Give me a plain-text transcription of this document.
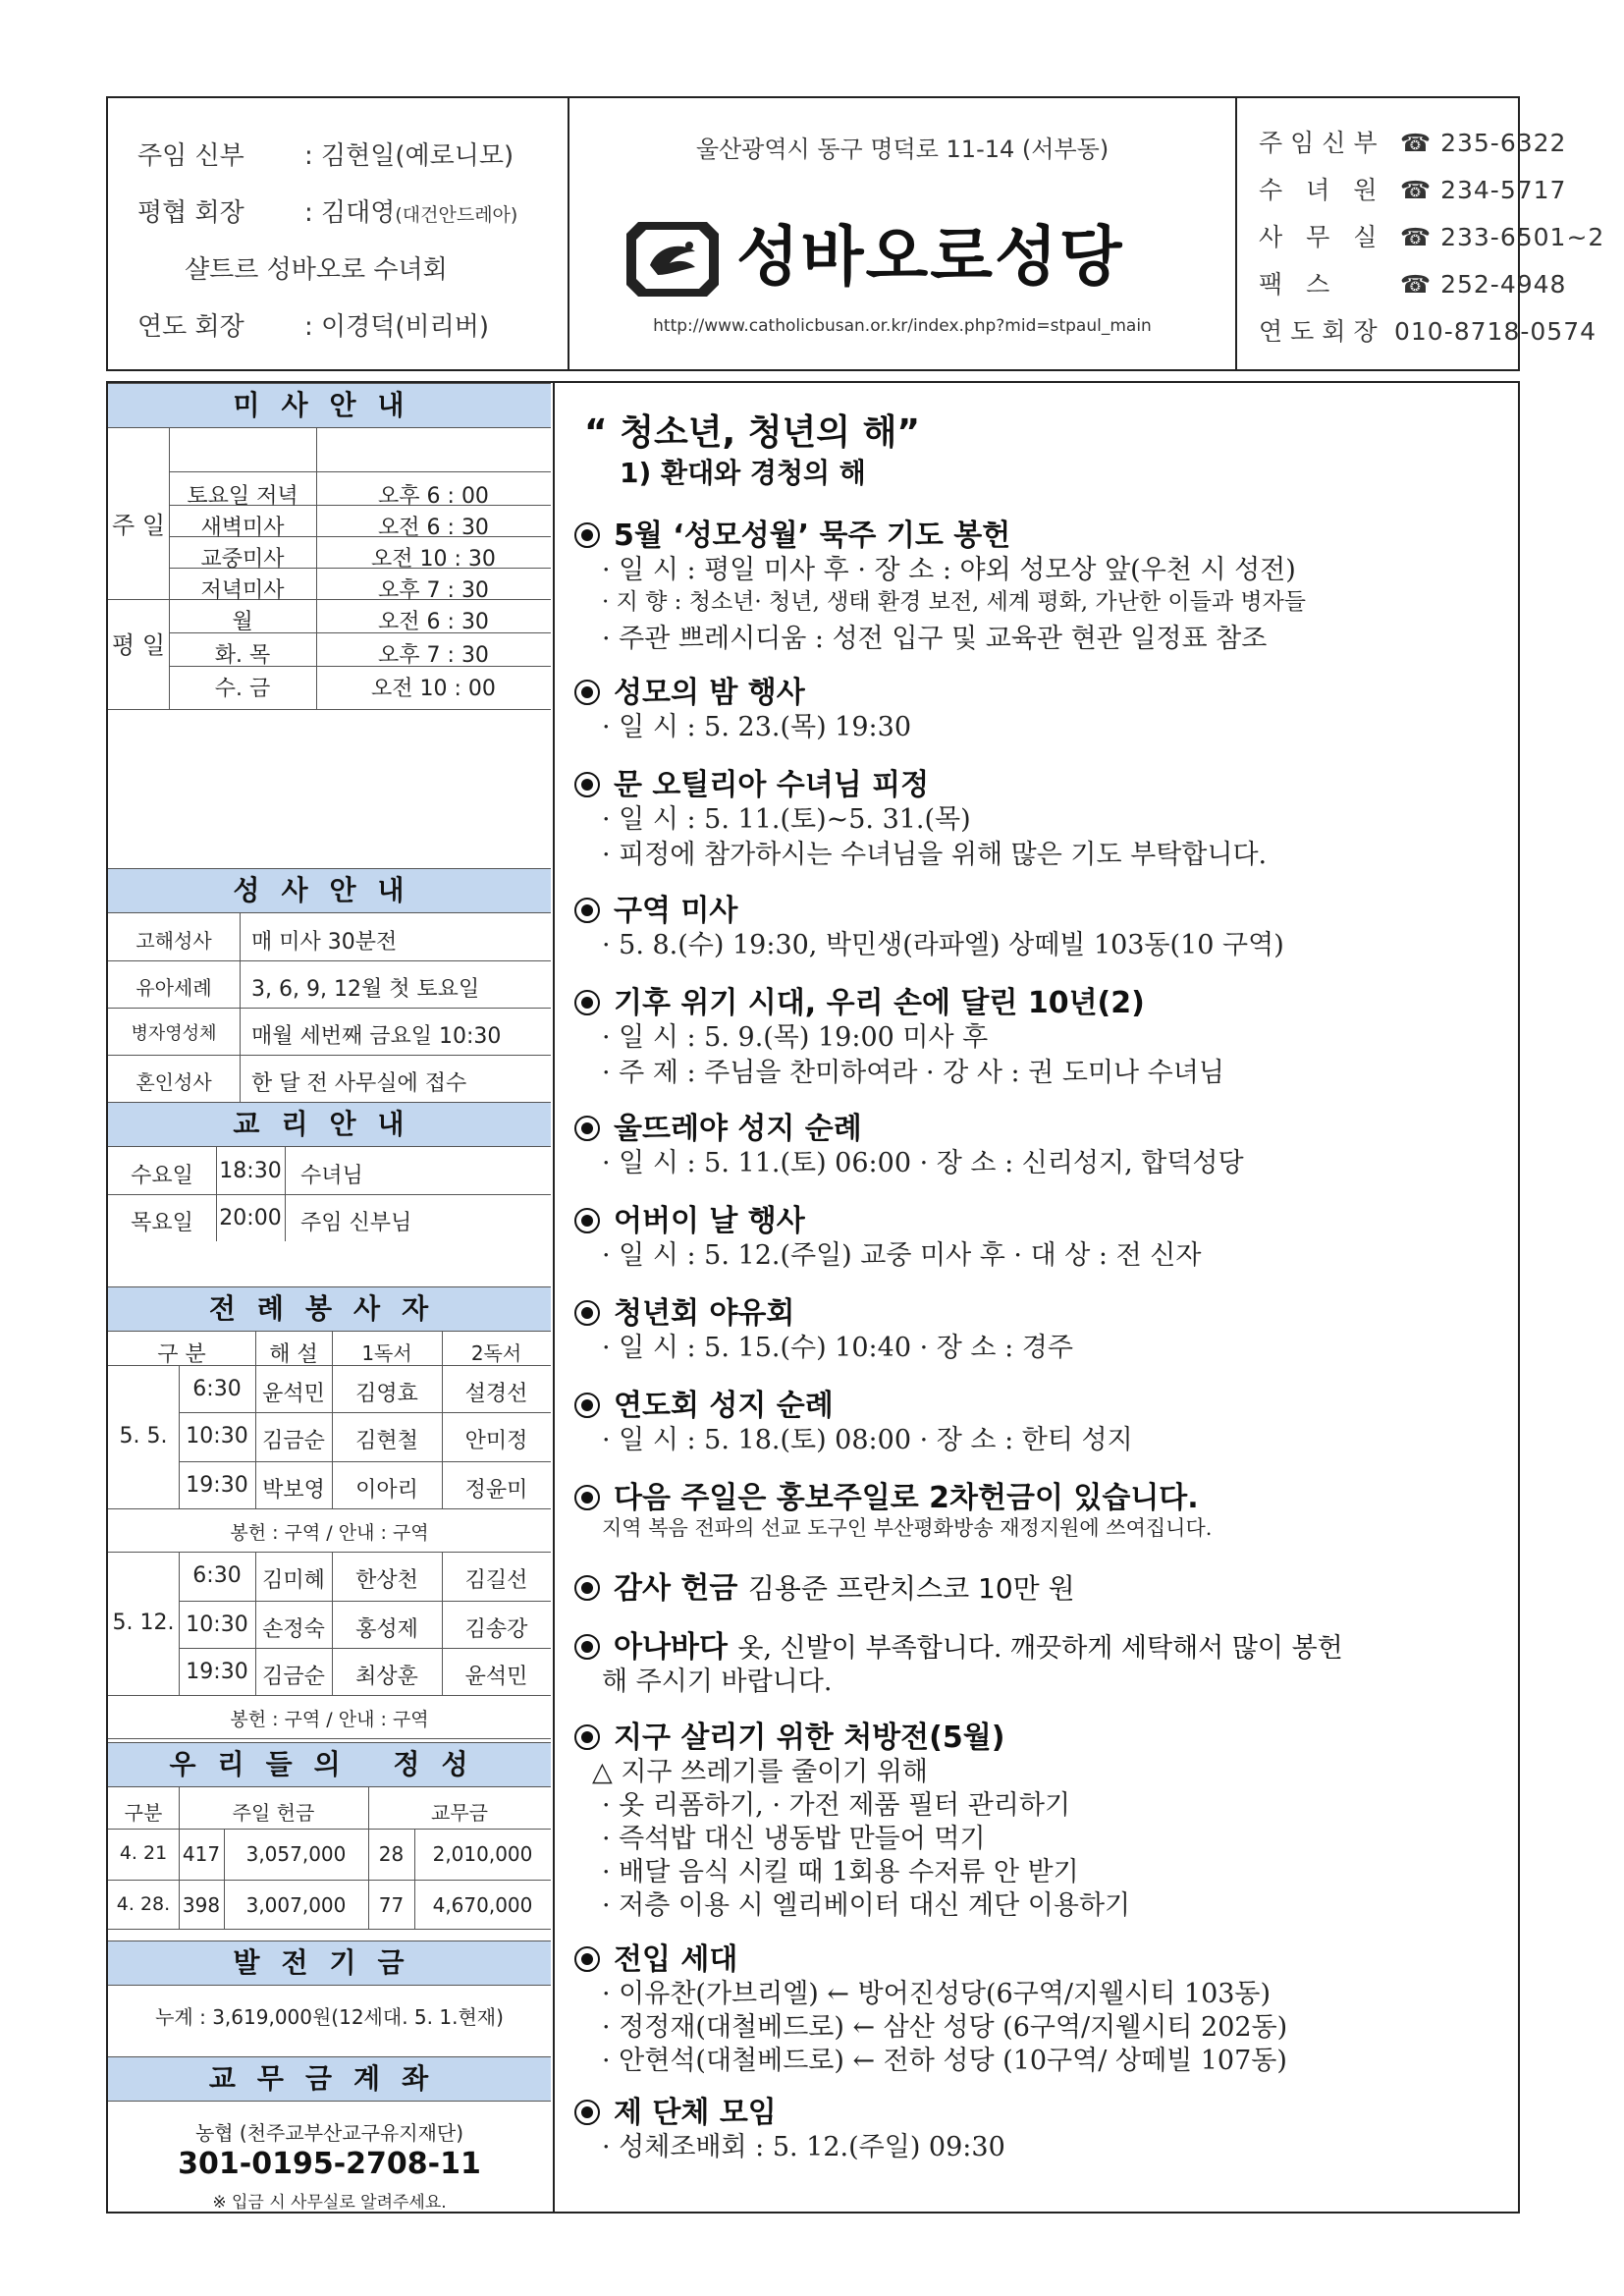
주임 신부 : 김현일(예로니모)
평협 회장 : 김대영(대건안드레아)
샬트르 성바오로 수녀회
연도 회장 : 이경덕(비리버)
울산광역시 동구 명덕로 11-14 (서부동)
성바오로성당
http://www.catholicbusan.or.kr/index.php?mid=stpaul_main
주임신부 ☎ 235-6322
수 녀 원 ☎ 234-5717
사 무 실 ☎ 233-6501~2
팩 스	☎ 252-4948
연도회장 010-8718-0574
미사안내
주 일
토요일 저녁	오후 6 : 00
새벽미사	오전 6 : 30
교중미사	오전 10 : 30
저녁미사	오후 7 : 30
평 일
월	오전 6 : 30
화. 목	오후 7 : 30
수. 금	오전 10 : 00
성사안내
고해성사	매 미사 30분전
유아세례	3, 6, 9, 12월 첫 토요일
병자영성체	매월 세번째 금요일 10:30
혼인성사	한 달 전 사무실에 접수
교리안내
수요일	18:30 수녀님
목요일	20:00 주임 신부님
전례봉사자
구 분	해 설	1독서	2독서
5. 5.
6:30 윤석민	김영효	설경선
10:30 김금순	김현철	안미정
19:30 박보영	이아리	정윤미
봉헌 : 구역 / 안내 : 구역
5. 12.
6:30 김미혜	한상천	김길선
10:30 손정숙	홍성제	김송강
19:30 김금순	최상훈	윤석민
봉헌 : 구역 / 안내 : 구역
우리들의 정성
구분	주일 헌금	교무금
4. 21 417	3,057,000	28	2,010,000
4. 28. 398	3,007,000	77	4,670,000
발전기금
누계 : 3,619,000원(12세대. 5. 1.현재)
교무금계좌
농협 (천주교부산교구유지재단)
301-0195-2708-11
※ 입금 시 사무실로 알려주세요.
“ 청소년, 청년의 해”
1) 환대와 경청의 해
5월 ‘성모성월’ 묵주 기도 봉헌
· 일 시 : 평일 미사 후 · 장 소 : 야외 성모상 앞(우천 시 성전)
· 지 향 : 청소년· 청년, 생태 환경 보전, 세계 평화, 가난한 이들과 병자들
· 주관 쁘레시디움 : 성전 입구 및 교육관 현관 일정표 참조
성모의 밤 행사
· 일 시 : 5. 23.(목) 19:30
문 오틸리아 수녀님 피정
· 일 시 : 5. 11.(토)~5. 31.(목)
· 피정에 참가하시는 수녀님을 위해 많은 기도 부탁합니다.
구역 미사
· 5. 8.(수) 19:30, 박민생(라파엘) 상떼빌 103동(10 구역)
기후 위기 시대, 우리 손에 달린 10년(2)
· 일 시 : 5. 9.(목) 19:00 미사 후
· 주 제 : 주님을 찬미하여라 · 강 사 : 권 도미나 수녀님
울뜨레야 성지 순례
· 일 시 : 5. 11.(토) 06:00 · 장 소 : 신리성지, 합덕성당
어버이 날 행사
· 일 시 : 5. 12.(주일) 교중 미사 후 · 대 상 : 전 신자
청년회 야유회
· 일 시 : 5. 15.(수) 10:40 · 장 소 : 경주
연도회 성지 순례
· 일 시 : 5. 18.(토) 08:00 · 장 소 : 한티 성지
다음 주일은 홍보주일로 2차헌금이 있습니다.
지역 복음 전파의 선교 도구인 부산평화방송 재정지원에 쓰여집니다.
감사 헌금 김용준 프란치스코 10만 원
아나바다 옷, 신발이 부족합니다. 깨끗하게 세탁해서 많이 봉헌
해 주시기 바랍니다.
지구 살리기 위한 처방전(5월)
△ 지구 쓰레기를 줄이기 위해
· 옷 리폼하기, · 가전 제품 필터 관리하기
· 즉석밥 대신 냉동밥 만들어 먹기
· 배달 음식 시킬 때 1회용 수저류 안 받기
· 저층 이용 시 엘리베이터 대신 계단 이용하기
전입 세대
· 이유찬(가브리엘) ← 방어진성당(6구역/지웰시티 103동)
· 정정재(대철베드로) ← 삼산 성당 (6구역/지웰시티 202동)
· 안현석(대철베드로) ← 전하 성당 (10구역/ 상떼빌 107동)
제 단체 모임
· 성체조배회 : 5. 12.(주일) 09:30
